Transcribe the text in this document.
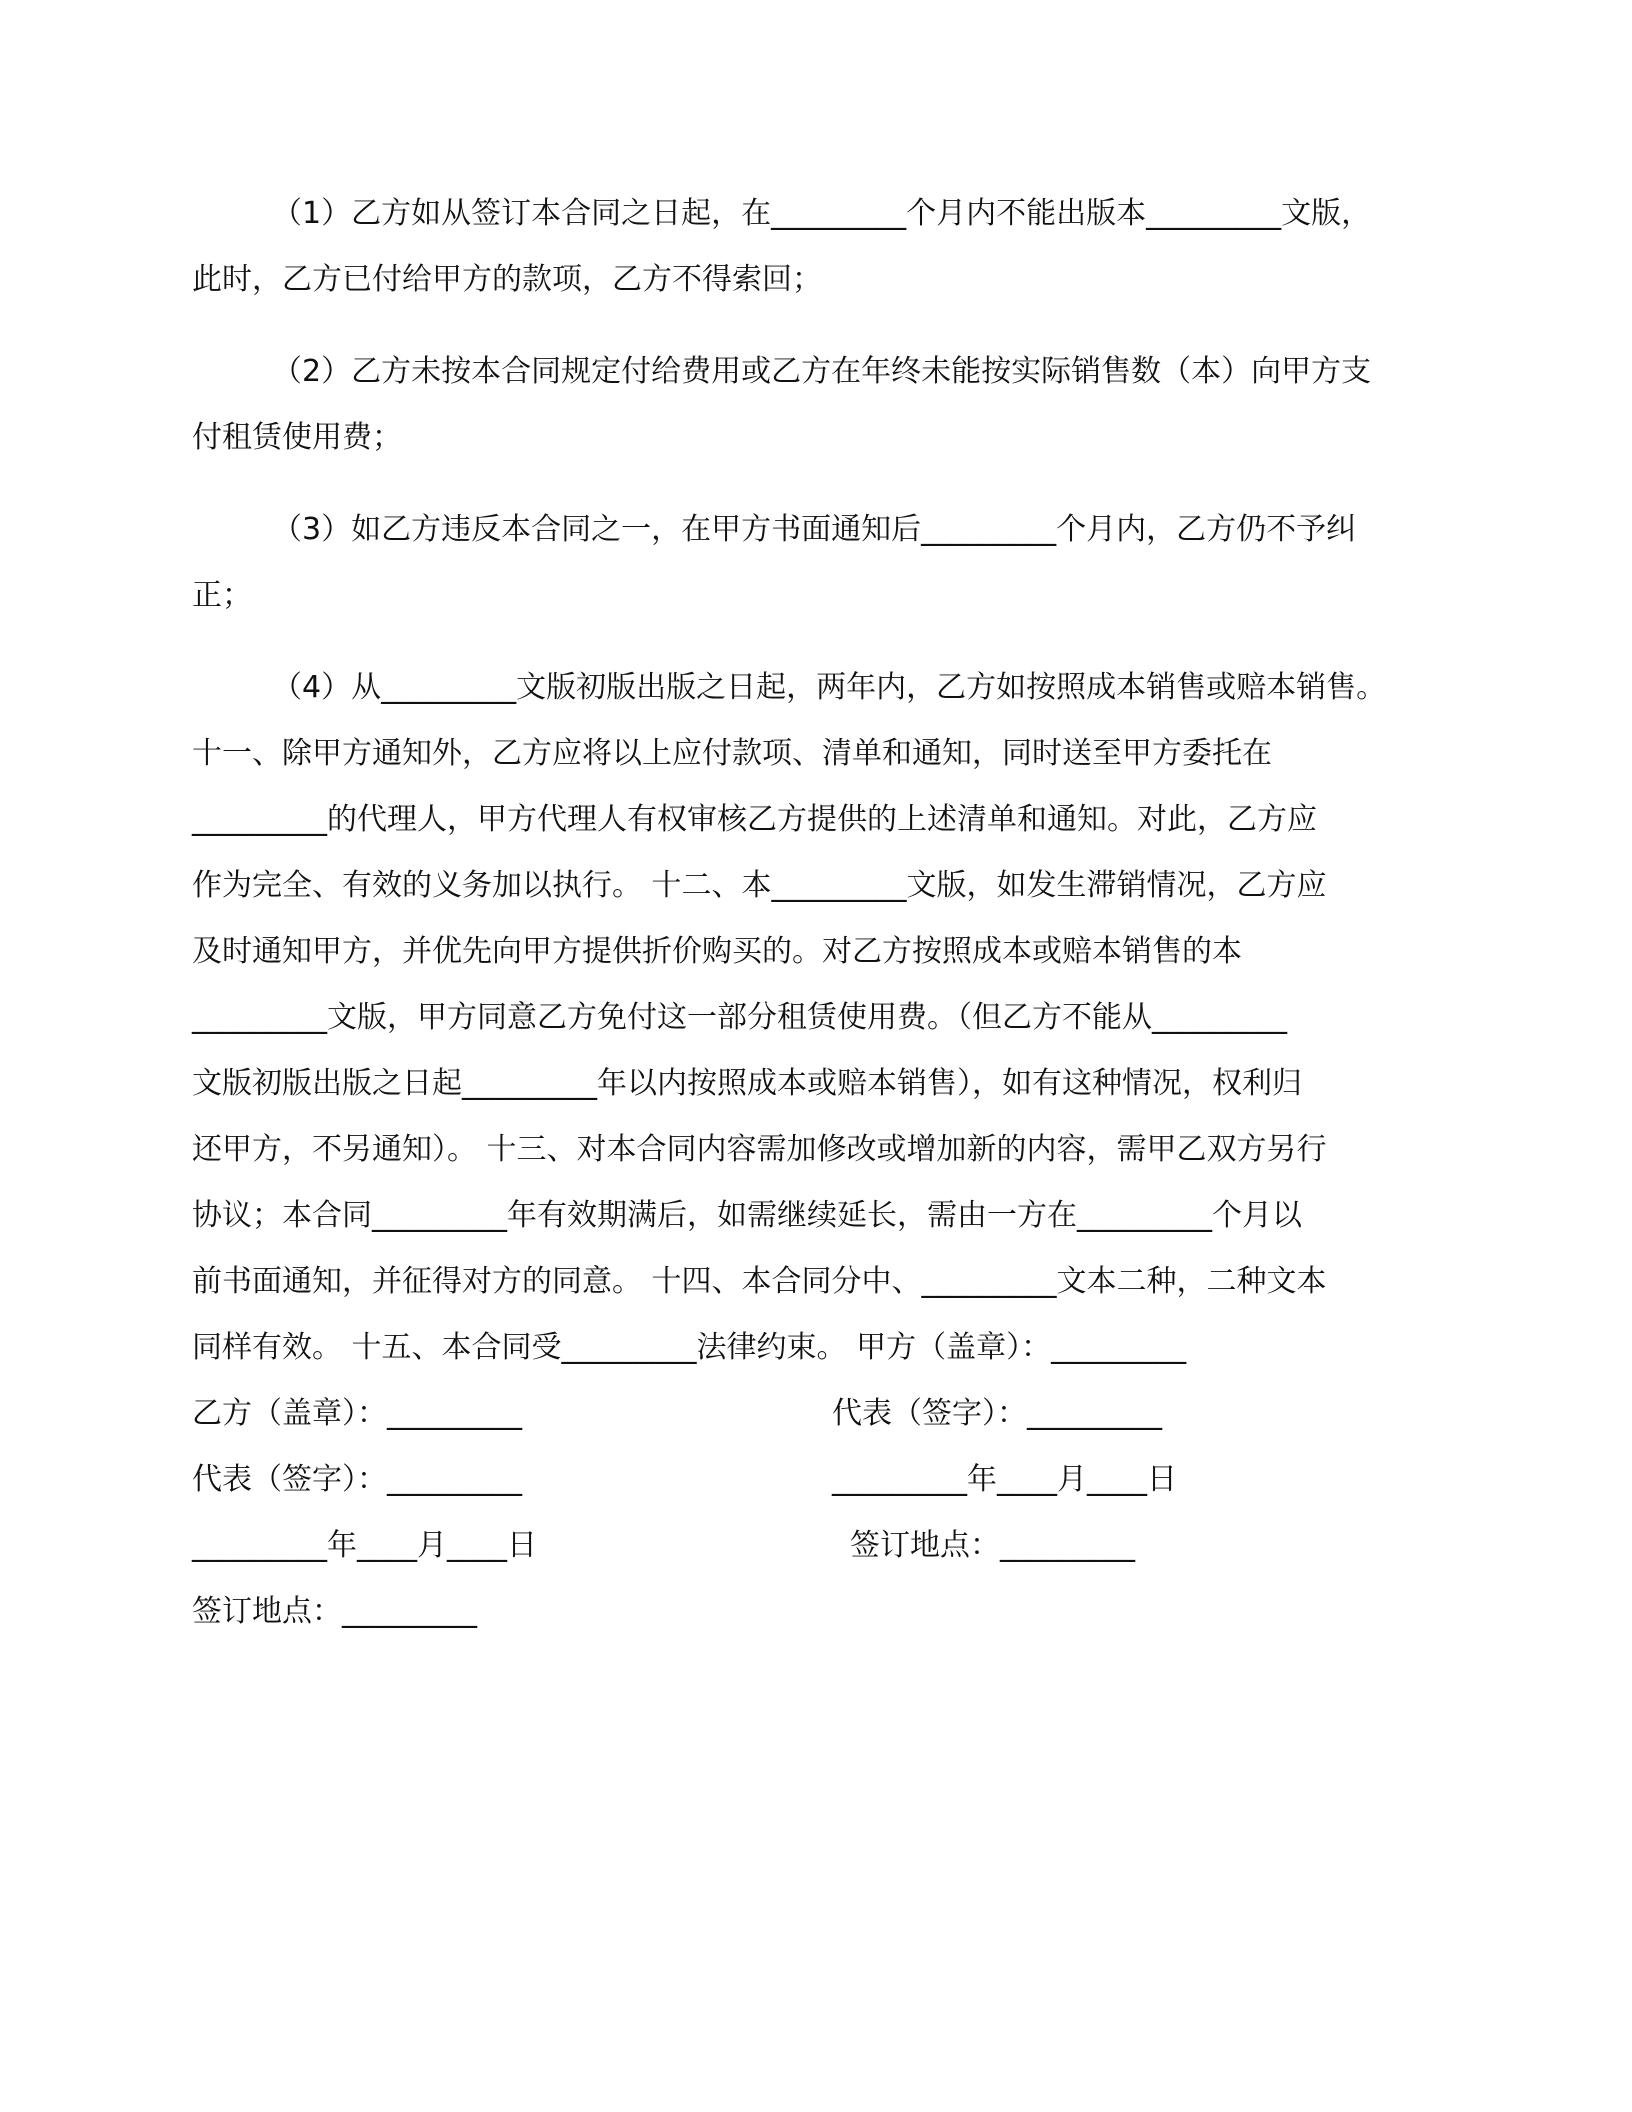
（1）乙方如从签订本合同之日起，在_________个月内不能出版本_________文版，
此时，乙方已付给甲方的款项，乙方不得索回；
（2）乙方未按本合同规定付给费用或乙方在年终未能按实际销售数（本）向甲方支
付租赁使用费；
（3）如乙方违反本合同之一，在甲方书面通知后_________个月内，乙方仍不予纠
正；
（4）从_________文版初版出版之日起，两年内，乙方如按照成本销售或赔本销售。
十一、除甲方通知外，乙方应将以上应付款项、清单和通知，同时送至甲方委托在
_________的代理人，甲方代理人有权审核乙方提供的上述清单和通知。对此，乙方应
作为完全、有效的义务加以执行。 十二、本_________文版，如发生滞销情况，乙方应
及时通知甲方，并优先向甲方提供折价购买的。对乙方按照成本或赔本销售的本
_________文版，甲方同意乙方免付这一部分租赁使用费。（但乙方不能从_________
文版初版出版之日起_________年以内按照成本或赔本销售），如有这种情况，权利归
还甲方，不另通知）。 十三、对本合同内容需加修改或增加新的内容，需甲乙双方另行
协议；本合同_________年有效期满后，如需继续延长，需由一方在_________个月以
前书面通知，并征得对方的同意。 十四、本合同分中、_________文本二种，二种文本
同样有效。 十五、本合同受_________法律约束。 甲方（盖章）：_________
乙方（盖章）：_________	代表（签字）：_________
代表（签字）：_________	_________年____月____日
_________年____月____日	签订地点：_________
签订地点：_________
